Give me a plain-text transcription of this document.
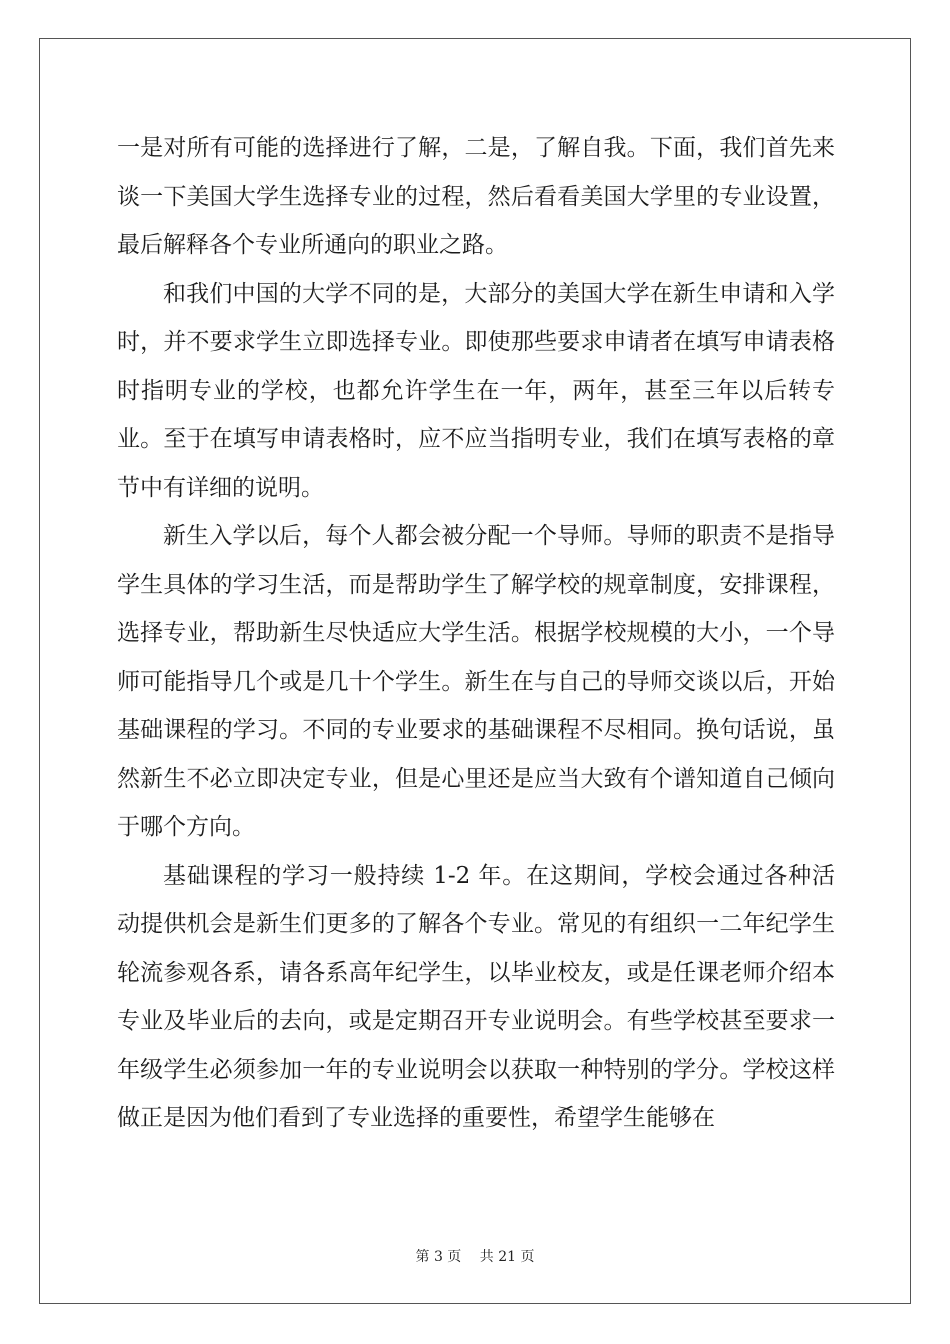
一是对所有可能的选择进行了解，二是，了解自我。下面，我们首先来谈一下美国大学生选择专业的过程，然后看看美国大学里的专业设置，最后解释各个专业所通向的职业之路。

和我们中国的大学不同的是，大部分的美国大学在新生申请和入学时，并不要求学生立即选择专业。即使那些要求申请者在填写申请表格时指明专业的学校，也都允许学生在一年，两年，甚至三年以后转专业。至于在填写申请表格时，应不应当指明专业，我们在填写表格的章节中有详细的说明。

新生入学以后，每个人都会被分配一个导师。导师的职责不是指导学生具体的学习生活，而是帮助学生了解学校的规章制度，安排课程，选择专业，帮助新生尽快适应大学生活。根据学校规模的大小，一个导师可能指导几个或是几十个学生。新生在与自己的导师交谈以后，开始基础课程的学习。不同的专业要求的基础课程不尽相同。换句话说，虽然新生不必立即决定专业，但是心里还是应当大致有个谱知道自己倾向于哪个方向。

基础课程的学习一般持续 1-2 年。在这期间，学校会通过各种活动提供机会是新生们更多的了解各个专业。常见的有组织一二年纪学生轮流参观各系，请各系高年纪学生，以毕业校友，或是任课老师介绍本专业及毕业后的去向，或是定期召开专业说明会。有些学校甚至要求一年级学生必须参加一年的专业说明会以获取一种特别的学分。学校这样做正是因为他们看到了专业选择的重要性，希望学生能够在

第 3 页　 共 21 页
